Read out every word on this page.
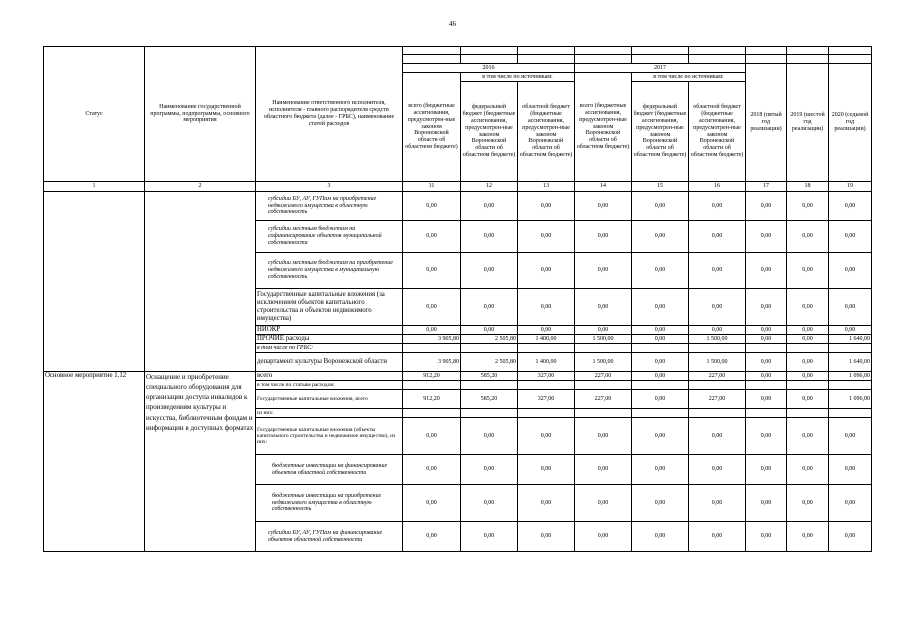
46
Статус	Наименование государственной программы, подпрограммы, основного мероприятия	Наименование ответственного исполнителя, исполнителя - главного распорядителя средств областного бюджета (далее - ГРБС), наименование статей расходов									

			2016			2017			2018 (пятый год реализации)	2019 (шестой год реализации)	2020 (седьмой год реализации)
			всего (бюджетные ассигнования, предусмотрен-ные законом Воронежской области об областном бюджете)	в том числе по источникам:		всего (бюджетные ассигнования, предусмотрен-ные законом Воронежской области об областном бюджете)	в том числе по источникам:				
				федеральный бюджет (бюджетные ассигнования, предусмотрен-ные законом Воронежской области об областном бюджете)	областной бюджет (бюджетные ассигнования, предусмотрен-ные законом Воронежской области об областном бюджете)		федеральный бюджет (бюджетные ассигнования, предусмотрен-ные законом Воронежской области об областном бюджете)	областной бюджет (бюджетные ассигнования, предусмотрен-ные законом Воронежской области об областном бюджете)			
1	2	3	11	12	13	14	15	16	17	18	19
		субсидии БУ, АУ, ГУПам на приобретение недвижимого имущества в областную собственность	0,00	0,00	0,00	0,00	0,00	0,00	0,00	0,00	0,00
		субсидии местным бюджетам на софинансирование объектов муниципальной собственности	0,00	0,00	0,00	0,00	0,00	0,00	0,00	0,00	0,00
		субсидии местным бюджетам на приобретение недвижимого имущества в муниципальную собственность	0,00	0,00	0,00	0,00	0,00	0,00	0,00	0,00	0,00
		Государственные капитальные вложения (за исключением объектов капитального строительства и объектов недвижимого имущества)	0,00	0,00	0,00	0,00	0,00	0,00	0,00	0,00	0,00
		НИОКР	0,00	0,00	0,00	0,00	0,00	0,00	0,00	0,00	0,00
		ПРОЧИЕ расходы	3 905,80	2 505,80	1 400,00	1 500,00	0,00	1 500,00	0,00	0,00	1 640,00
		в том числе по ГРБС:									
		департамент культуры Воронежской области	3 905,80	2 505,80	1 400,00	1 500,00	0,00	1 500,00	0,00	0,00	1 640,00
Основное мероприятие 1.12	Оснащение и приобретение специального оборудования для организации доступа инвалидов к произведениям культуры и искусства, библиотечным фондам и информации в доступных форматах	всего	912,20	585,20	327,00	227,00	0,00	227,00	0,00	0,00	1 096,00
		в том числе по статьям расходов:									
		Государственные капитальные вложения, всего	912,20	585,20	327,00	227,00	0,00	227,00	0,00	0,00	1 096,00
		из них:									
		Государственные капитальные вложения (объекты капитального строительства и недвижимое имущество), из них:	0,00	0,00	0,00	0,00	0,00	0,00	0,00	0,00	0,00
		бюджетные инвестиции на финансирование объектов областной собственности	0,00	0,00	0,00	0,00	0,00	0,00	0,00	0,00	0,00
		бюджетные инвестиции на приобретение недвижимого имущества в областную собственность	0,00	0,00	0,00	0,00	0,00	0,00	0,00	0,00	0,00
		субсидии БУ, АУ, ГУПам на финансирование объектов областной собственности	0,00	0,00	0,00	0,00	0,00	0,00	0,00	0,00	0,00
